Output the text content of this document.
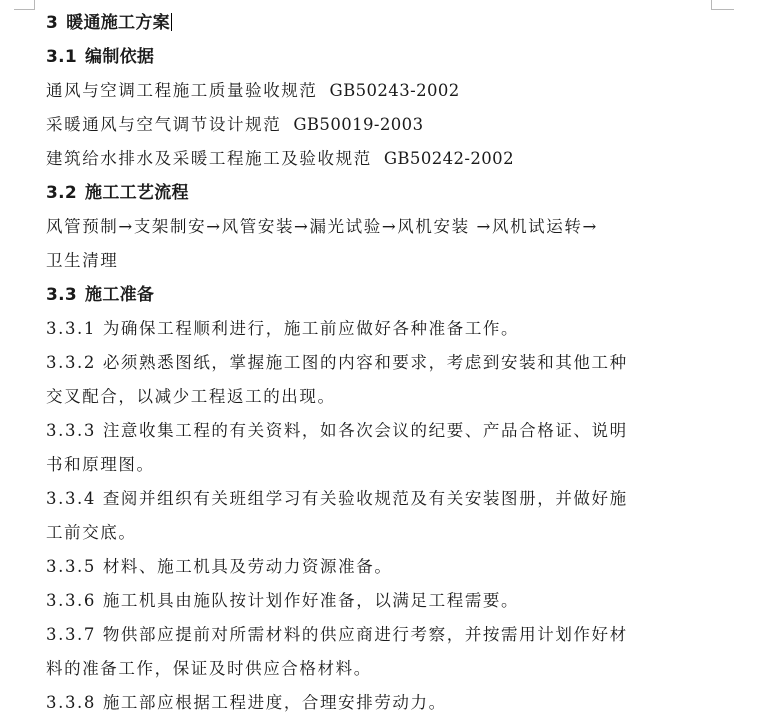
3 暖通施工方案
3.1 编制依据
通风与空调工程施工质量验收规范 GB50243-2002
采暖通风与空气调节设计规范 GB50019-2003
建筑给水排水及采暖工程施工及验收规范 GB50242-2002
3.2 施工工艺流程
风管预制→支架制安→风管安装→漏光试验→风机安装 →风机试运转→
卫生清理
3.3 施工准备
3.3.1 为确保工程顺利进行，施工前应做好各种准备工作。
3.3.2 必须熟悉图纸，掌握施工图的内容和要求，考虑到安装和其他工种
交叉配合，以减少工程返工的出现。
3.3.3 注意收集工程的有关资料，如各次会议的纪要、产品合格证、说明
书和原理图。
3.3.4 查阅并组织有关班组学习有关验收规范及有关安装图册，并做好施
工前交底。
3.3.5 材料、施工机具及劳动力资源准备。
3.3.6 施工机具由施队按计划作好准备，以满足工程需要。
3.3.7 物供部应提前对所需材料的供应商进行考察，并按需用计划作好材
料的准备工作，保证及时供应合格材料。
3.3.8 施工部应根据工程进度，合理安排劳动力。
